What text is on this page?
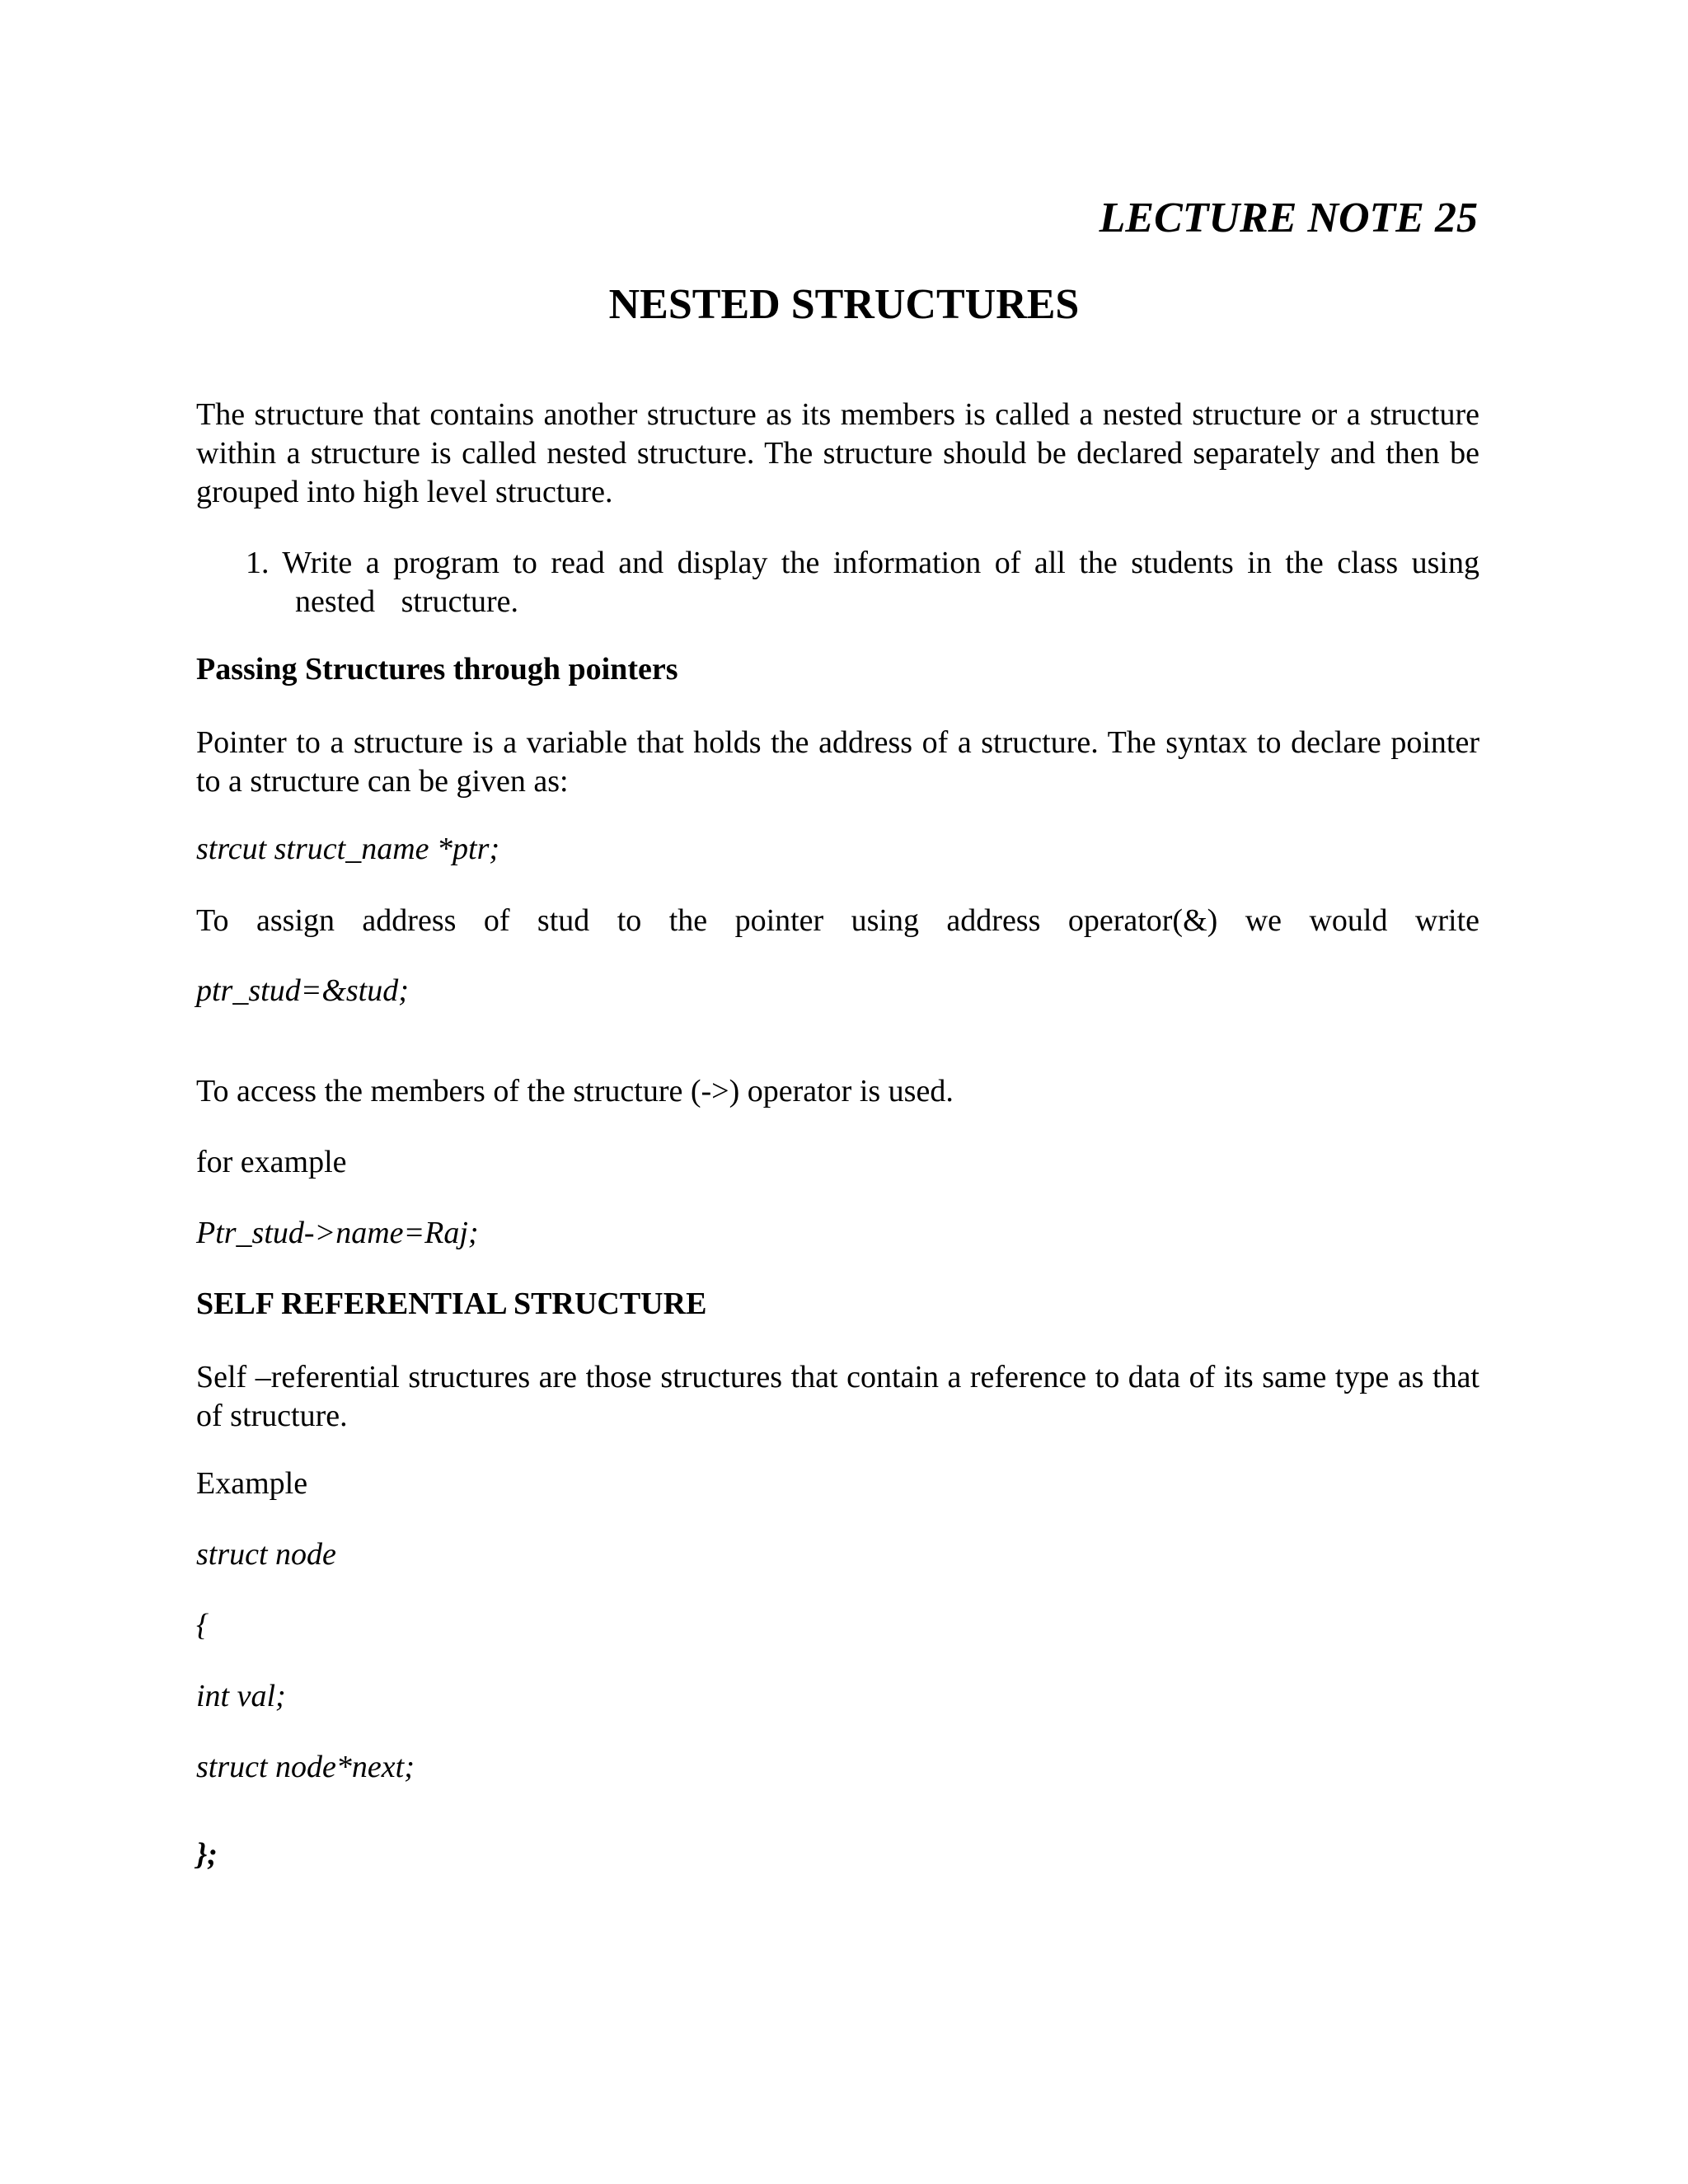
LECTURE NOTE 25
NESTED STRUCTURES

The structure that contains another structure as its members is called a nested structure or a structure within a structure is called nested structure. The structure should be declared separately and then be grouped into high level structure.

1. Write a program to read and display the information of all the students in the class using
nested structure.
Passing Structures through pointers

Pointer to a structure is a variable that holds the address of a structure. The syntax to declare pointer to a structure can be given as:

strcut struct_name *ptr;

To assign address of stud to the pointer using address operator(&) we would write

ptr_stud=&stud;
To access the members of the structure (->) operator is used.
for example
Ptr_stud->name=Raj;
SELF REFERENTIAL STRUCTURE

Self –referential structures are those structures that contain a reference to data of its same type as that of structure.

Example
struct node
{
int val;
struct node*next;
};
